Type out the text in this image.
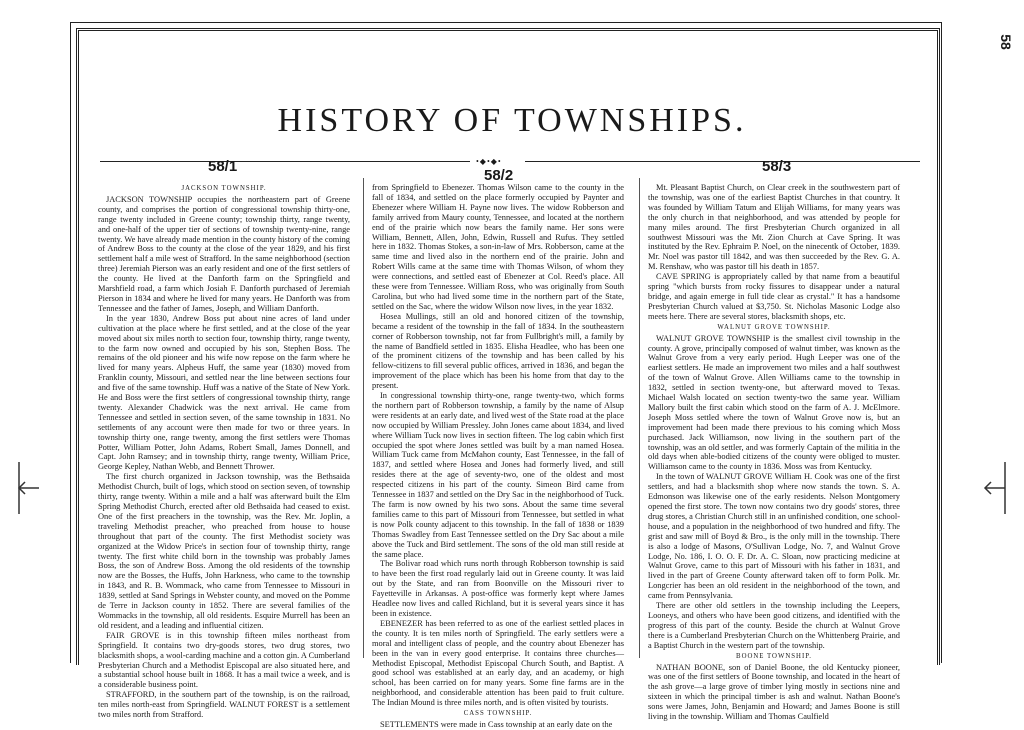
58
HISTORY OF TOWNSHIPS.
•◆•◆•
58/1
58/2
58/3
JACKSON TOWNSHIP.

JACKSON TOWNSHIP occupies the northeastern part of Greene county, and comprises the portion of congressional township thirty-one, range twenty included in Greene county; township thirty, range twenty, and one-half of the upper tier of sections of township twenty-nine, range twenty. We have already made mention in the county history of the coming of Andrew Boss to the county at the close of the year 1829, and his first settlement half a mile west of Strafford. In the same neighborhood (section three) Jeremiah Pierson was an early resident and one of the first settlers of the county. He lived at the Danforth farm on the Springfield and Marshfield road, a farm which Josiah F. Danforth purchased of Jeremiah Pierson in 1834 and where he lived for many years. He Danforth was from Tennessee and the father of James, Joseph, and William Danforth.

In the year 1830, Andrew Boss put about nine acres of land under cultivation at the place where he first settled, and at the close of the year moved about six miles north to section four, township thirty, range twenty, to the farm now owned and occupied by his son, Stephen Boss. The remains of the old pioneer and his wife now repose on the farm where he lived for many years. Alpheus Huff, the same year (1830) moved from Franklin county, Missouri, and settled near the line between sections four and five of the same township. Huff was a native of the State of New York. He and Boss were the first settlers of congressional township thirty, range twenty. Alexander Chadwick was the next arrival. He came from Tennessee and settled in section seven, of the same township in 1831. No settlements of any account were then made for two or three years. In township thirty one, range twenty, among the first settlers were Thomas Potter, William Potter, John Adams, Robert Small, James Donnell, and Capt. John Ramsey; and in township thirty, range twenty, William Price, George Kepley, Nathan Webb, and Bennett Thrower.

The first church organized in Jackson township, was the Bethsaida Methodist Church, built of logs, which stood on section seven, of township thirty, range twenty. Within a mile and a half was afterward built the Elm Spring Methodist Church, erected after old Bethsaida had ceased to exist. One of the first preachers in the township, was the Rev. Mr. Joplin, a traveling Methodist preacher, who preached from house to house throughout that part of the county. The first Methodist society was organized at the Widow Price's in section four of township thirty, range twenty. The first white child born in the township was probably James Boss, the son of Andrew Boss. Among the old residents of the township now are the Bosses, the Huffs, John Harkness, who came to the township in 1843, and R. B. Wommack, who came from Tennessee to Missouri in 1839, settled at Sand Springs in Webster county, and moved on the Pomme de Terre in Jackson county in 1852. There are several families of the Wommacks in the township, all old residents. Esquire Murrell has been an old resident, and a leading and influential citizen.

FAIR GROVE is in this township fifteen miles northeast from Springfield. It contains two dry-goods stores, two drug stores, two blacksmith shops, a wool-carding machine and a cotton gin. A Cumberland Presbyterian Church and a Methodist Episcopal are also situated here, and a substantial school house built in 1868. It has a mail twice a week, and is a considerable business point.

STRAFFORD, in the southern part of the township, is on the railroad, ten miles north-east from Springfield. WALNUT FOREST is a settlement two miles north from Strafford.

from Springfield to Ebenezer. Thomas Wilson came to the county in the fall of 1834, and settled on the place formerly occupied by Paynter and Ebenezer where William H. Payne now lives. The widow Robberson and family arrived from Maury county, Tennessee, and located at the northern end of the prairie which now bears the family name. Her sons were William, Bennett, Allen, John, Edwin, Russell and Rufus. They settled here in 1832. Thomas Stokes, a son-in-law of Mrs. Robberson, came at the same time and lived also in the northern end of the prairie. John and Robert Wills came at the same time with Thomas Wilson, of whom they were connections, and settled east of Ebenezer at Col. Reed's place. All these were from Tennessee. William Ross, who was originally from South Carolina, but who had lived some time in the northern part of the State, settled on the Sac, where the widow Wilson now lives, in the year 1832.

Hosea Mullings, still an old and honored citizen of the township, became a resident of the township in the fall of 1834. In the southeastern corner of Robberson township, not far from Fullbright's mill, a family by the name of Bandfield settled in 1835. Elisha Headlee, who has been one of the prominent citizens of the township and has been called by his fellow-citizens to fill several public offices, arrived in 1836, and began the improvement of the place which has been his home from that day to the present.

In congressional township thirty-one, range twenty-two, which forms the northern part of Robberson township, a family by the name of Alsup were residents at an early date, and lived west of the State road at the place now occupied by William Pressley. John Jones came about 1834, and lived where William Tuck now lives in section fifteen. The log cabin which first occupied the spot where Jones settled was built by a man named Hosea. William Tuck came from McMahon county, East Tennessee, in the fall of 1837, and settled where Hosea and Jones had formerly lived, and still resides there at the age of seventy-two, one of the oldest and most respected citizens in his part of the county. Simeon Bird came from Tennessee in 1837 and settled on the Dry Sac in the neighborhood of Tuck. The farm is now owned by his two sons. About the same time several families came to this part of Missouri from Tennessee, but settled in what is now Polk county adjacent to this township. In the fall of 1838 or 1839 Thomas Swadley from East Tennessee settled on the Dry Sac about a mile above the Tuck and Bird settlement. The sons of the old man still reside at the same place.

The Bolivar road which runs north through Robberson township is said to have been the first road regularly laid out in Greene county. It was laid out by the State, and ran from Boonville on the Missouri river to Fayetteville in Arkansas. A post-office was formerly kept where James Headlee now lives and called Richland, but it is several years since it has been in existence.

EBENEZER has been referred to as one of the earliest settled places in the county. It is ten miles north of Springfield. The early settlers were a moral and intelligent class of people, and the country about Ebenezer has been in the van in every good enterprise. It contains three churches—Methodist Episcopal, Methodist Episcopal Church South, and Baptist. A good school was established at an early day, and an academy, or high school, has been carried on for many years. Some fine farms are in the neighborhood, and considerable attention has been paid to fruit culture. The Indian Mound is three miles north, and is often visited by tourists.

CASS TOWNSHIP.

SETTLEMENTS were made in Cass township at an early date on the

Mt. Pleasant Baptist Church, on Clear creek in the southwestern part of the township, was one of the earliest Baptist Churches in that country. It was founded by William Tatum and Elijah Williams, for many years was the only church in that neighborhood, and was attended by people for many miles around. The first Presbyterian Church organized in all southwest Missouri was the Mt. Zion Church at Cave Spring. It was instituted by the Rev. Ephraim P. Noel, on the ninecentk of October, 1839. Mr. Noel was pastor till 1842, and was then succeeded by the Rev. G. A. M. Renshaw, who was pastor till his death in 1857.

CAVE SPRING is appropriately called by that name from a beautiful spring "which bursts from rocky fissures to disappear under a natural bridge, and again emerge in full tide clear as crystal." It has a handsome Presbyterian Church valued at $3,750. St. Nicholas Masonic Lodge also meets here. There are several stores, blacksmith shops, etc.

WALNUT GROVE TOWNSHIP.

WALNUT GROVE TOWNSHIP is the smallest civil township in the county. A grove, principally composed of walnut timber, was known as the Walnut Grove from a very early period. Hugh Leeper was one of the earliest settlers. He made an improvement two miles and a half southwest of the town of Walnut Grove. Allen Williams came to the township in 1832, settled in section twenty-one, but afterward moved to Texas. Michael Walsh located on section twenty-two the same year. William Mallory built the first cabin which stood on the farm of A. J. McElmore. Joseph Moss settled where the town of Walnut Grove now is, but an improvement had been made there previous to his coming which Moss purchased. Jack Williamson, now living in the southern part of the township, was an old settler, and was formerly Captain of the militia in the old days when able-bodied citizens of the county were obliged to muster. Williamson came to the county in 1836. Moss was from Kentucky.

In the town of WALNUT GROVE William H. Cook was one of the first settlers, and had a blacksmith shop where now stands the town. S. A. Edmonson was likewise one of the early residents. Nelson Montgomery opened the first store. The town now contains two dry goods' stores, three drug stores, a Christian Church still in an unfinished condition, one school-house, and a population in the neighborhood of two hundred and fifty. The grist and saw mill of Boyd & Bro., is the only mill in the township. There is also a lodge of Masons, O'Sullivan Lodge, No. 7, and Walnut Grove Lodge, No. 186, I. O. O. F. Dr. A. C. Sloan, now practicing medicine at Walnut Grove, came to this part of Missouri with his father in 1831, and lived in the part of Greene County afterward taken off to form Polk. Mr. Longcrier has been an old resident in the neighborhood of the town, and came from Pennsylvania.

There are other old settlers in the township including the Leepers, Looneys, and others who have been good citizens, and identified with the progress of this part of the county. Beside the church at Walnut Grove there is a Cumberland Presbyterian Church on the Whittenberg Prairie, and a Baptist Church in the western part of the township.

BOONE TOWNSHIP.

NATHAN BOONE, son of Daniel Boone, the old Kentucky pioneer, was one of the first settlers of Boone township, and located in the heart of the ash grove—a large grove of timber lying mostly in sections nine and sixteen in which the principal timber is ash and walnut. Nathan Boone's sons were James, John, Benjamin and Howard; and James Boone is still living in the township. William and Thomas Caulfield
